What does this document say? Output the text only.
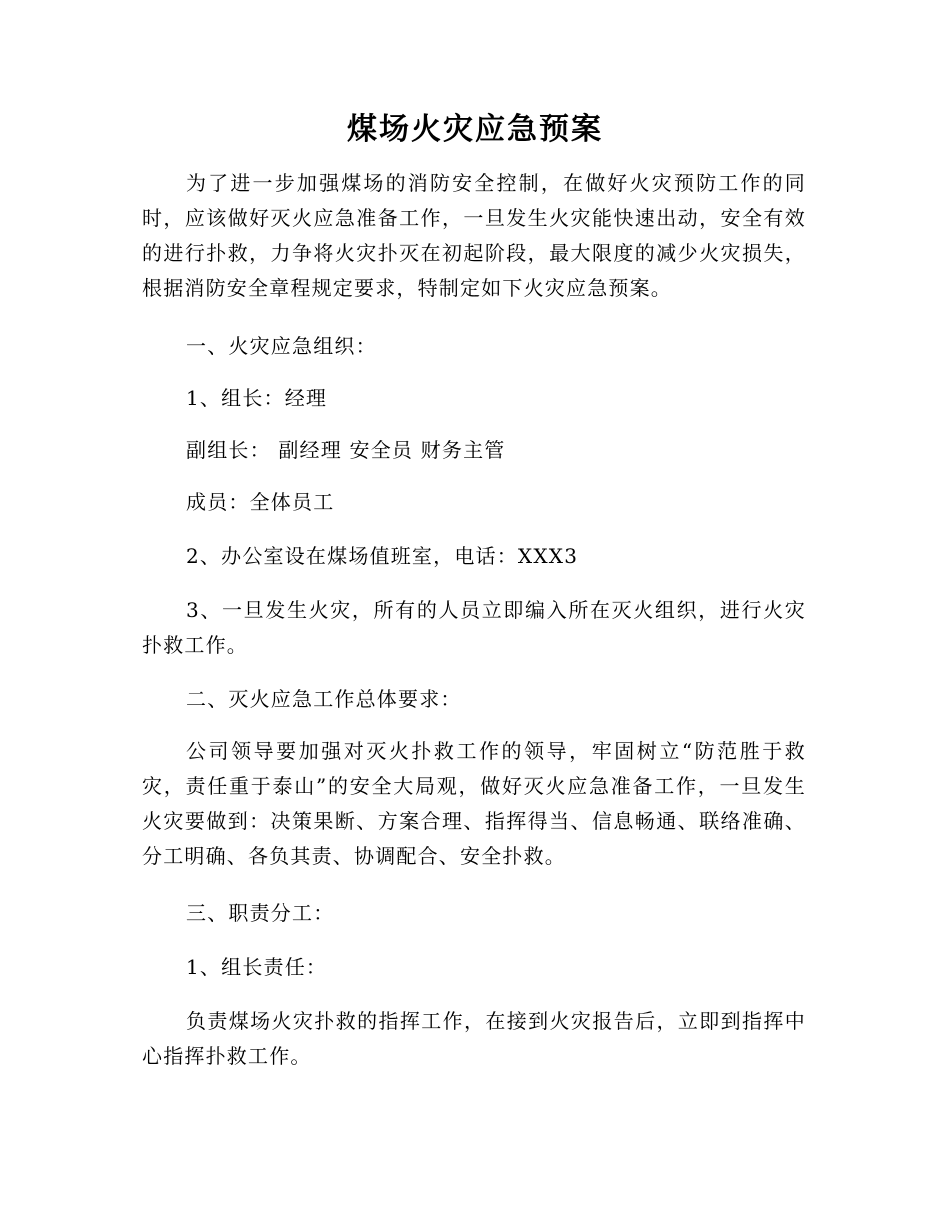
煤场火灾应急预案

为了进一步加强煤场的消防安全控制，在做好火灾预防工作的同时，应该做好灭火应急准备工作，一旦发生火灾能快速出动，安全有效的进行扑救，力争将火灾扑灭在初起阶段，最大限度的减少火灾损失，根据消防安全章程规定要求，特制定如下火灾应急预案。

一、火灾应急组织：

1、组长：经理

副组长： 副经理 安全员 财务主管

成员：全体员工

2、办公室设在煤场值班室，电话：XXX3

3、一旦发生火灾，所有的人员立即编入所在灭火组织，进行火灾扑救工作。

二、灭火应急工作总体要求：

公司领导要加强对灭火扑救工作的领导，牢固树立“防范胜于救灾，责任重于泰山”的安全大局观，做好灭火应急准备工作，一旦发生火灾要做到：决策果断、方案合理、指挥得当、信息畅通、联络准确、分工明确、各负其责、协调配合、安全扑救。

三、职责分工：

1、组长责任：

负责煤场火灾扑救的指挥工作，在接到火灾报告后，立即到指挥中心指挥扑救工作。
